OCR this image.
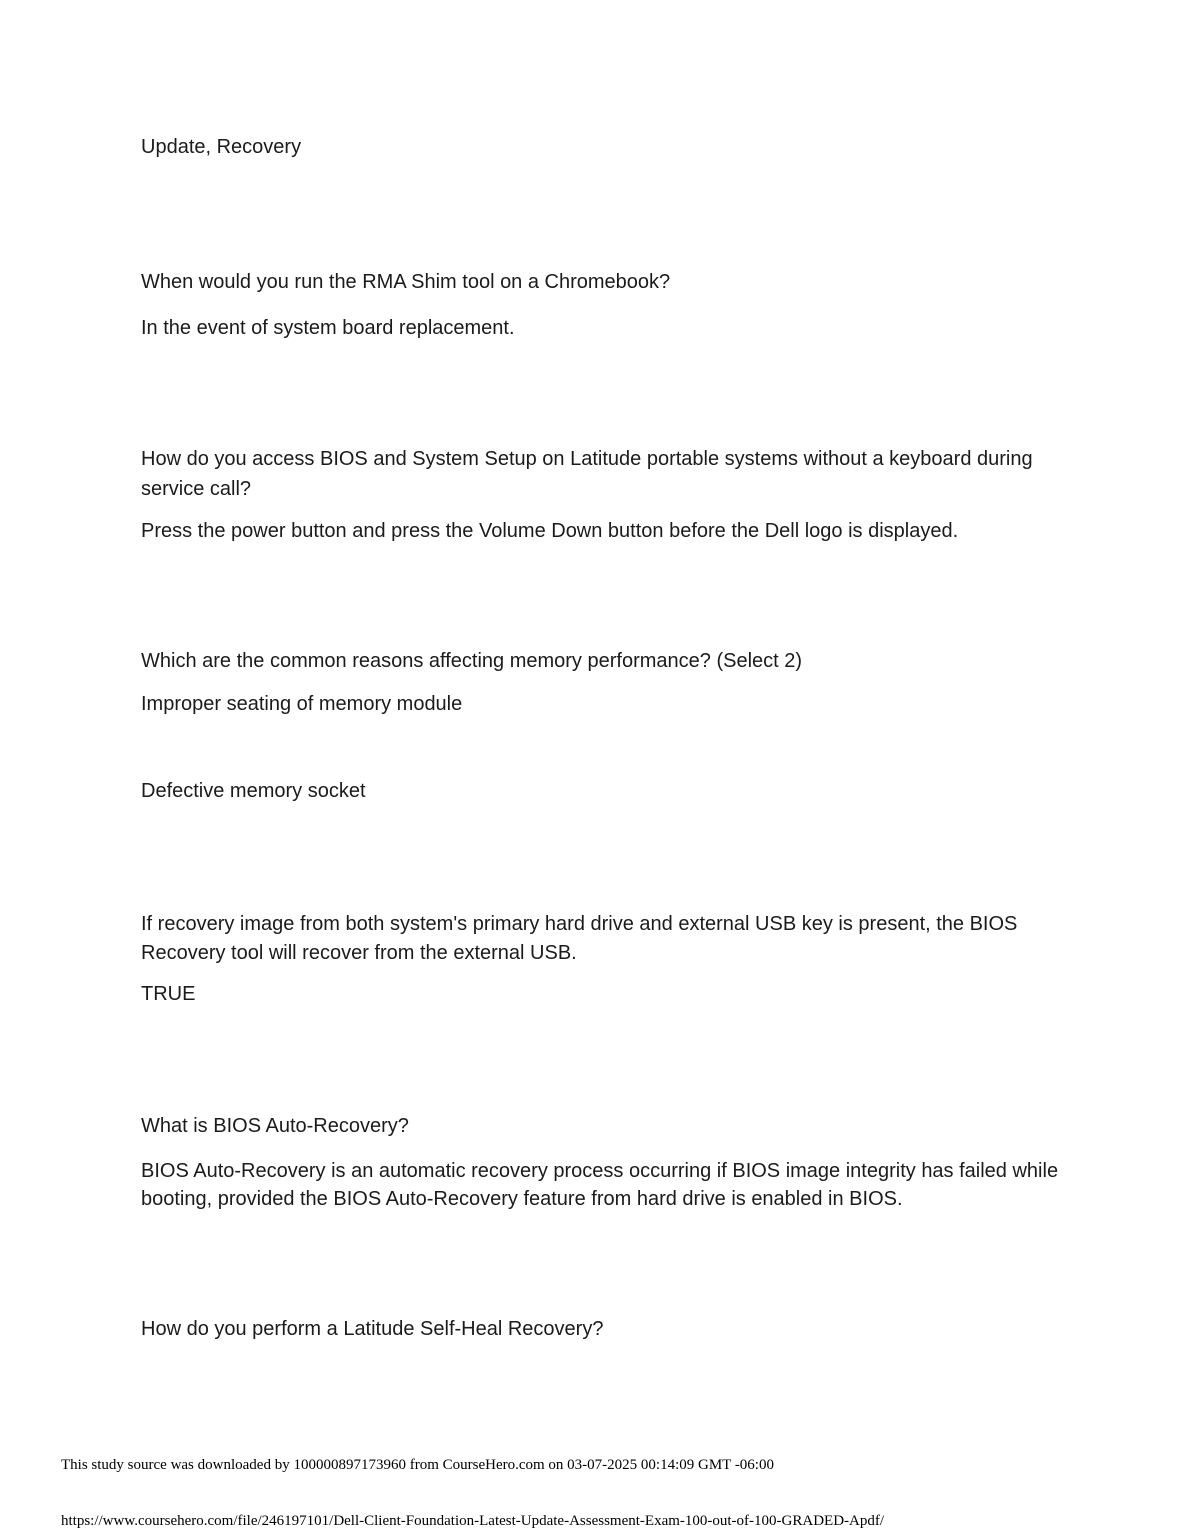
Update, Recovery
When would you run the RMA Shim tool on a Chromebook?
In the event of system board replacement.
How do you access BIOS and System Setup on Latitude portable systems without a keyboard during
service call?
Press the power button and press the Volume Down button before the Dell logo is displayed.
Which are the common reasons affecting memory performance? (Select 2)
Improper seating of memory module
Defective memory socket
If recovery image from both system's primary hard drive and external USB key is present, the BIOS
Recovery tool will recover from the external USB.
TRUE
What is BIOS Auto-Recovery?
BIOS Auto-Recovery is an automatic recovery process occurring if BIOS image integrity has failed while
booting, provided the BIOS Auto-Recovery feature from hard drive is enabled in BIOS.
How do you perform a Latitude Self-Heal Recovery?
This study source was downloaded by 100000897173960 from CourseHero.com on 03-07-2025 00:14:09 GMT -06:00
https://www.coursehero.com/file/246197101/Dell-Client-Foundation-Latest-Update-Assessment-Exam-100-out-of-100-GRADED-Apdf/
